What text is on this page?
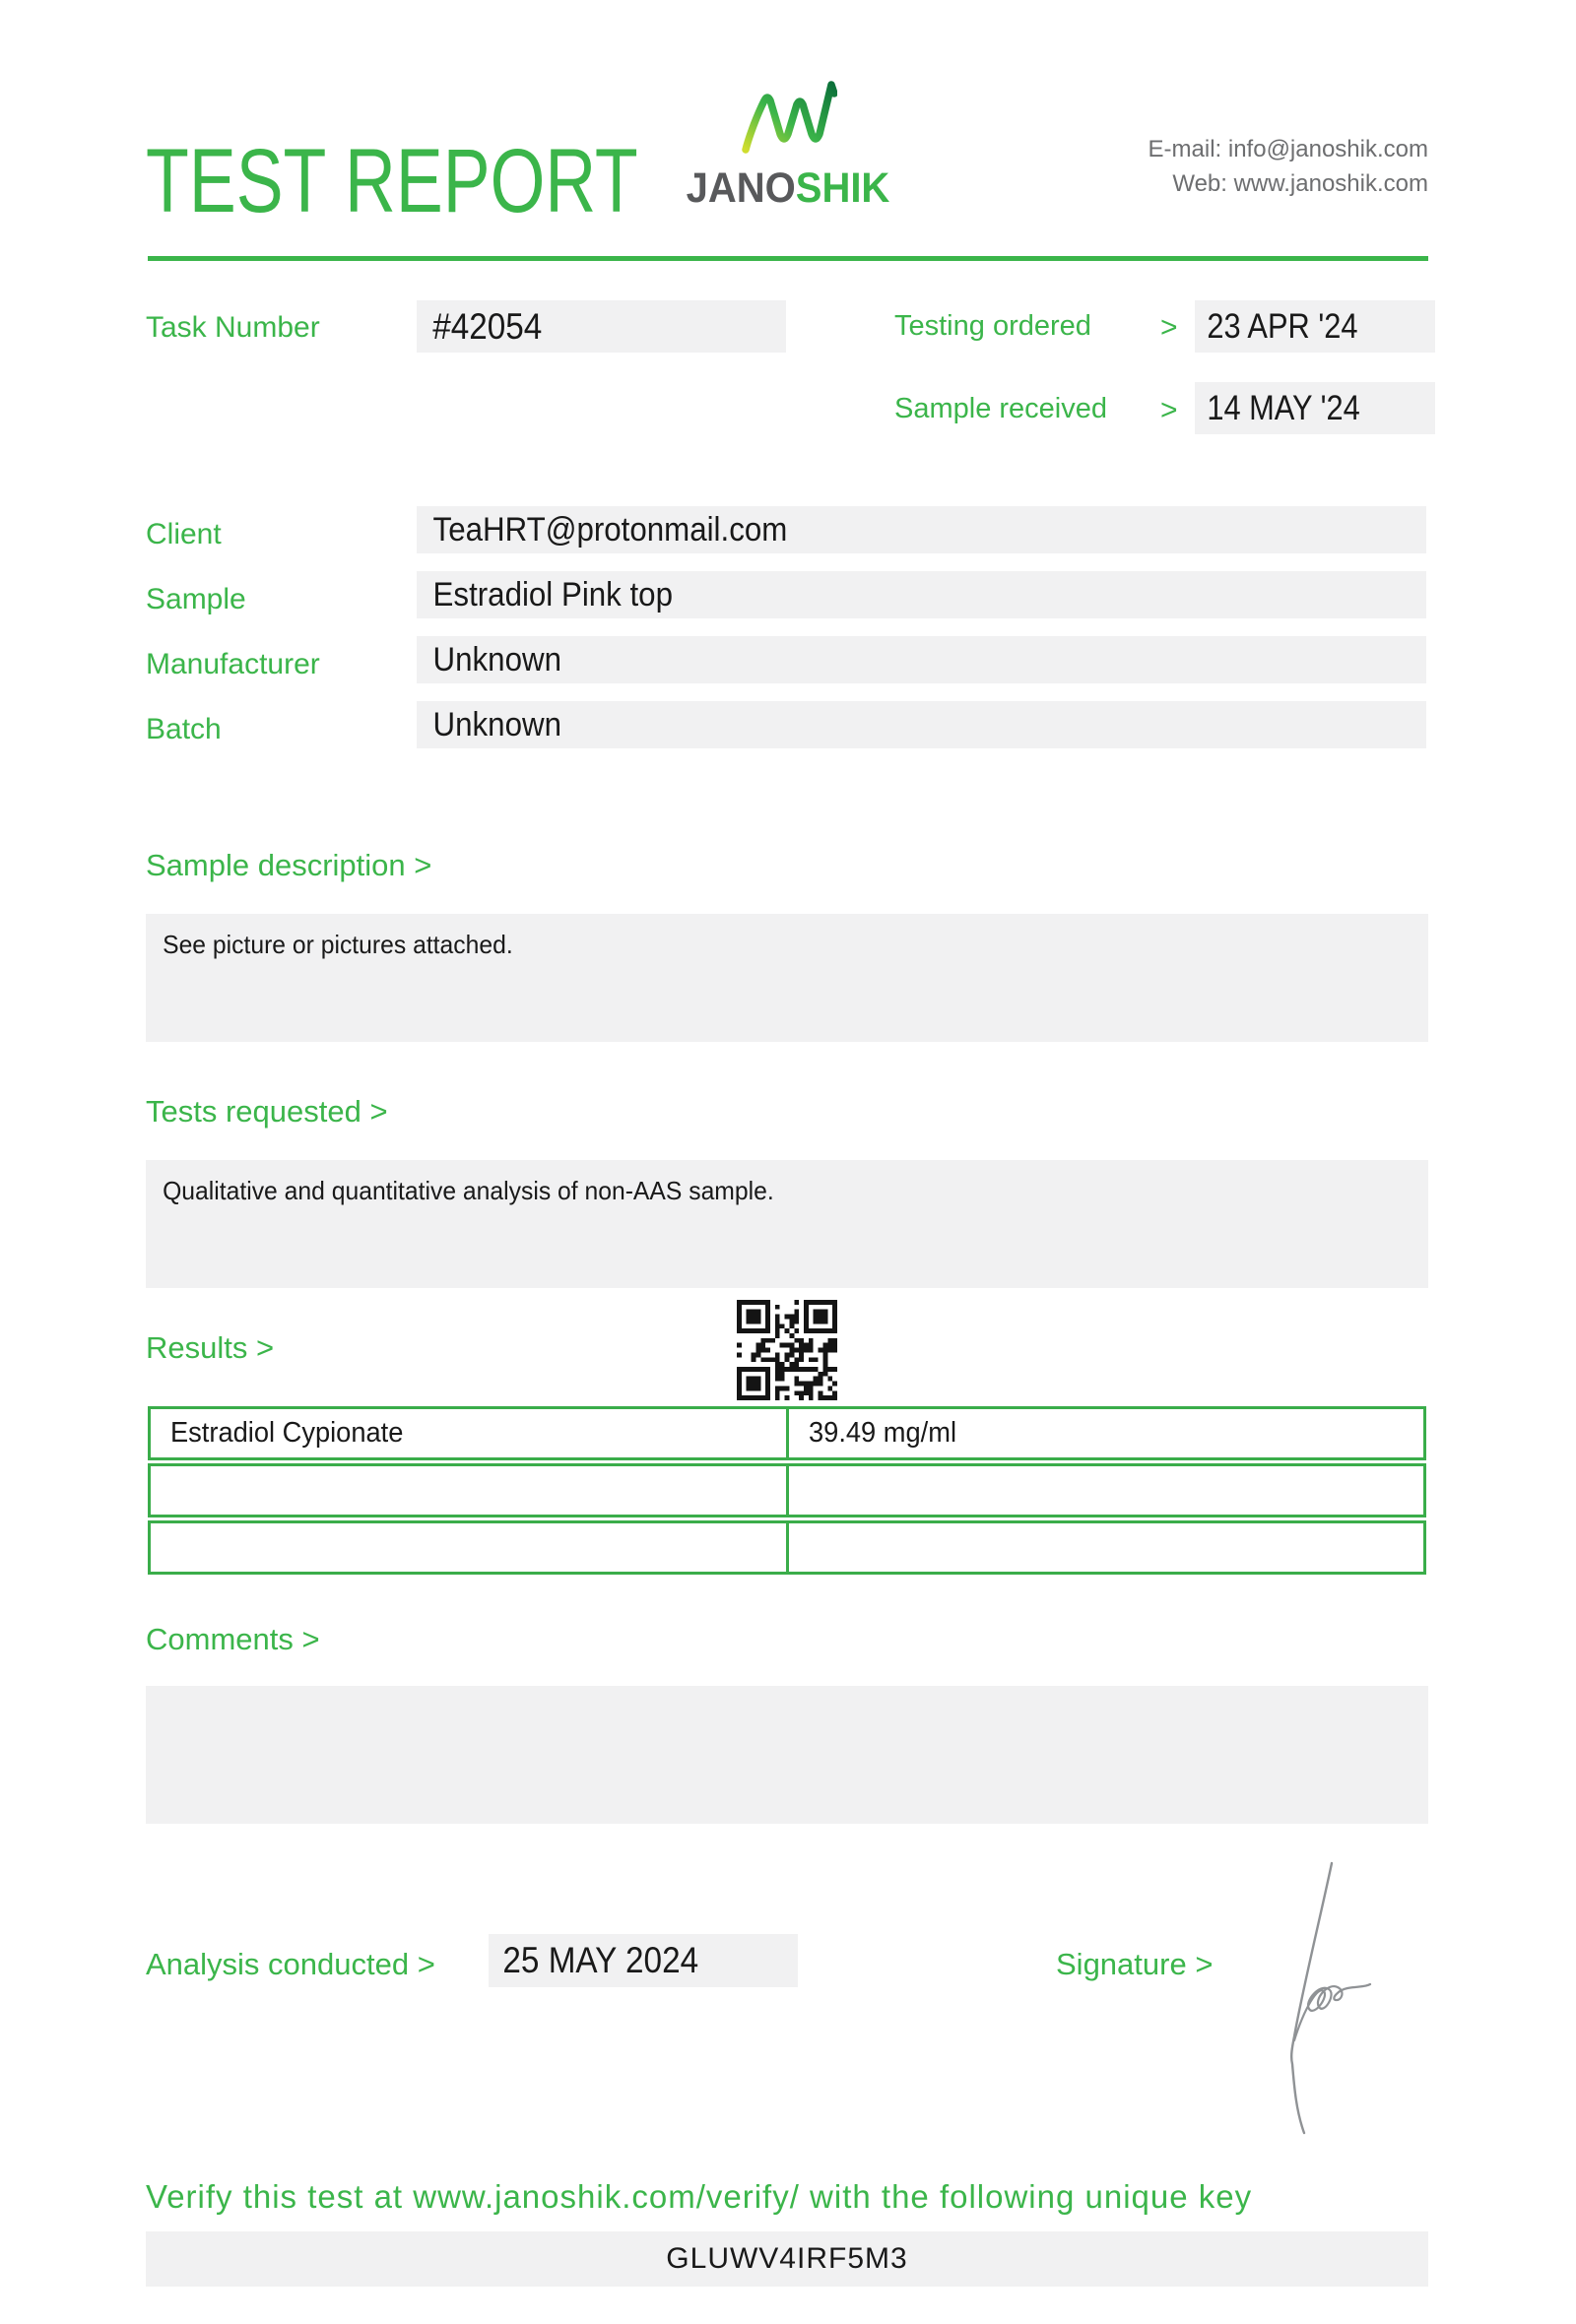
TEST REPORT JANOSHIK
E-mail: info@janoshik.com
Web: www.janoshik.com
Task Number	#42054	Testing ordered > 23 APR '24
Sample received > 14 MAY '24
Client	TeaHRT@protonmail.com
Sample	Estradiol Pink top
Manufacturer	Unknown
Batch	Unknown
Sample description >
See picture or pictures attached.
Tests requested >
Qualitative and quantitative analysis of non-AAS sample.
Results >
Estradiol Cypionate	39.49 mg/ml
Comments >
Analysis conducted >	25 MAY 2024	Signature >
Verify this test at www.janoshik.com/verify/ with the following unique key
GLUWV4IRF5M3
